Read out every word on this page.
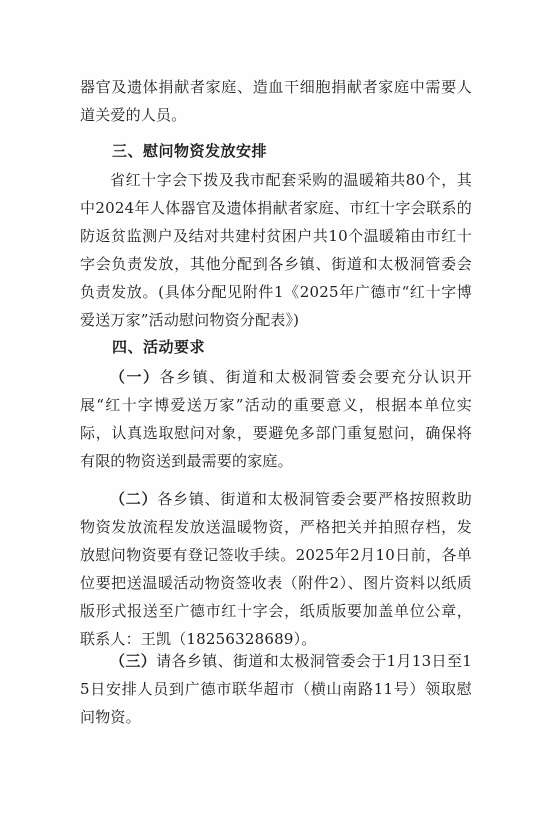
器官及遗体捐献者家庭、造血干细胞捐献者家庭中需要人道关爱的人员。

三、慰问物资发放安排

省红十字会下拨及我市配套采购的温暖箱共80个，其中2024年人体器官及遗体捐献者家庭、市红十字会联系的防返贫监测户及结对共建村贫困户共10个温暖箱由市红十字会负责发放，其他分配到各乡镇、街道和太极洞管委会负责发放。(具体分配见附件1《2025年广德市“红十字博爱送万家”活动慰问物资分配表》)

四、活动要求

（一）各乡镇、街道和太极洞管委会要充分认识开展“红十字博爱送万家”活动的重要意义，根据本单位实际，认真选取慰问对象，要避免多部门重复慰问，确保将有限的物资送到最需要的家庭。

（二）各乡镇、街道和太极洞管委会要严格按照救助物资发放流程发放送温暖物资，严格把关并拍照存档，发放慰问物资要有登记签收手续。2025年2月10日前，各单位要把送温暖活动物资签收表（附件2）、图片资料以纸质版形式报送至广德市红十字会，纸质版要加盖单位公章，联系人：王凯（18256328689）。

（三）请各乡镇、街道和太极洞管委会于1月13日至15日安排人员到广德市联华超市（横山南路11号）领取慰问物资。
